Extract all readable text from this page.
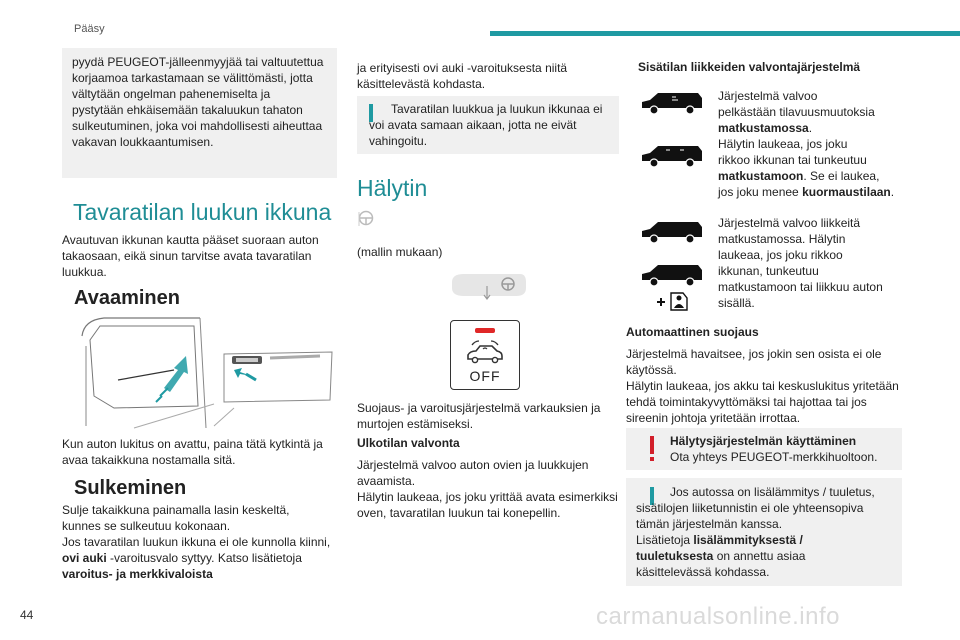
Pääsy

pyydä PEUGEOT-jälleenmyyjää tai valtuutettua korjaamoa tarkastamaan se välittömästi, jotta vältytään ongelman pahenemiselta ja pystytään ehkäisemään takaluukun tahaton sulkeutuminen, joka voi mahdollisesti aiheuttaa vakavan loukkaantumisen.

Tavaratilan luukun ikkuna

Avautuvan ikkunan kautta pääset suoraan auton takaosaan, eikä sinun tarvitse avata tavaratilan luukkua.

Avaaminen

Kun auton lukitus on avattu, paina tätä kytkintä ja avaa takaikkuna nostamalla sitä.

Sulkeminen

Sulje takaikkuna painamalla lasin keskeltä, kunnes se sulkeutuu kokonaan.

Jos tavaratilan luukun ikkuna ei ole kunnolla kiinni, ovi auki -varoitusvalo syttyy. Katso lisätietoja varoitus- ja merkkivaloista

ja erityisesti ovi auki -varoituksesta niitä käsittelevästä kohdasta.

Tavaratilan luukkua ja luukun ikkunaa ei voi avata samaan aikaan, jotta ne eivät vahingoitu.

Hälytin

(mallin mukaan)

OFF

Suojaus- ja varoitusjärjestelmä varkauksien ja murtojen estämiseksi.

Ulkotilan valvonta

Järjestelmä valvoo auton ovien ja luukkujen avaamista.

Hälytin laukeaa, jos joku yrittää avata esimerkiksi oven, tavaratilan luukun tai konepellin.

Sisätilan liikkeiden valvontajärjestelmä
Järjestelmä valvoo
pelkästään tilavuusmuutoksia
matkustamossa.
Hälytin laukeaa, jos joku
rikkoo ikkunan tai tunkeutuu
matkustamoon. Se ei laukea,
jos joku menee kuormaustilaan.

Järjestelmä valvoo liikkeitä matkustamossa. Hälytin laukeaa, jos joku rikkoo ikkunan, tunkeutuu matkustamoon tai liikkuu auton sisällä.

Automaattinen suojaus

Järjestelmä havaitsee, jos jokin sen osista ei ole käytössä.

Hälytin laukeaa, jos akku tai keskuslukitus yritetään tehdä toimintakyvyttömäksi tai hajottaa tai jos sireenin johtoja yritetään irrottaa.

Hälytysjärjestelmän käyttäminen

Ota yhteys PEUGEOT-merkkihuoltoon.

Jos autossa on lisälämmitys / tuuletus, sisätilojen liiketunnistin ei ole yhteensopiva tämän järjestelmän kanssa.

Lisätietoja lisälämmityksestä / tuuletuksesta on annettu asiaa käsittelevässä kohdassa.

44	carmanualsonline.info
